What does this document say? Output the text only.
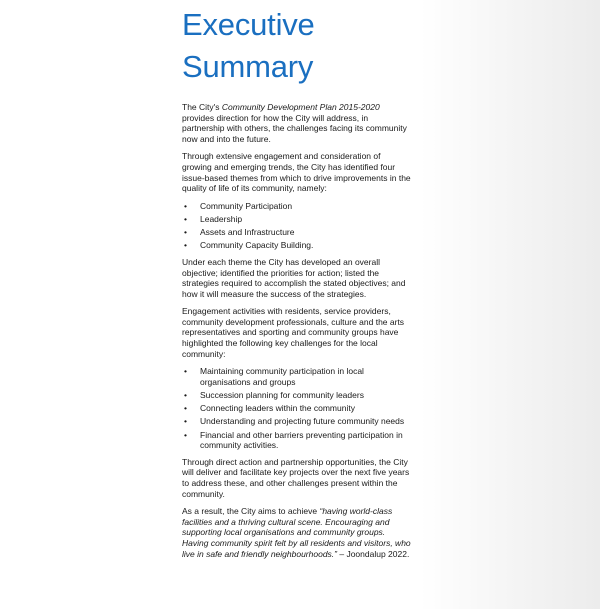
Executive
Summary

The City's Community Development Plan 2015-2020 provides direction for how the City will address, in partnership with others, the challenges facing its community now and into the future.

Through extensive engagement and consideration of growing and emerging trends, the City has identified four issue-based themes from which to drive improvements in the quality of life of its community, namely:

• Community Participation
• Leadership
• Assets and Infrastructure
• Community Capacity Building.

Under each theme the City has developed an overall objective; identified the priorities for action; listed the strategies required to accomplish the stated objectives; and how it will measure the success of the strategies.

Engagement activities with residents, service providers, community development professionals, culture and the arts representatives and sporting and community groups have highlighted the following key challenges for the local community:

• Maintaining community participation in local organisations and groups
• Succession planning for community leaders
• Connecting leaders within the community
• Understanding and projecting future community needs
• Financial and other barriers preventing participation in community activities.

Through direct action and partnership opportunities, the City will deliver and facilitate key projects over the next five years to address these, and other challenges present within the community.

As a result, the City aims to achieve “having world-class facilities and a thriving cultural scene. Encouraging and supporting local organisations and community groups. Having community spirit felt by all residents and visitors, who live in safe and friendly neighbourhoods.” – Joondalup 2022.
